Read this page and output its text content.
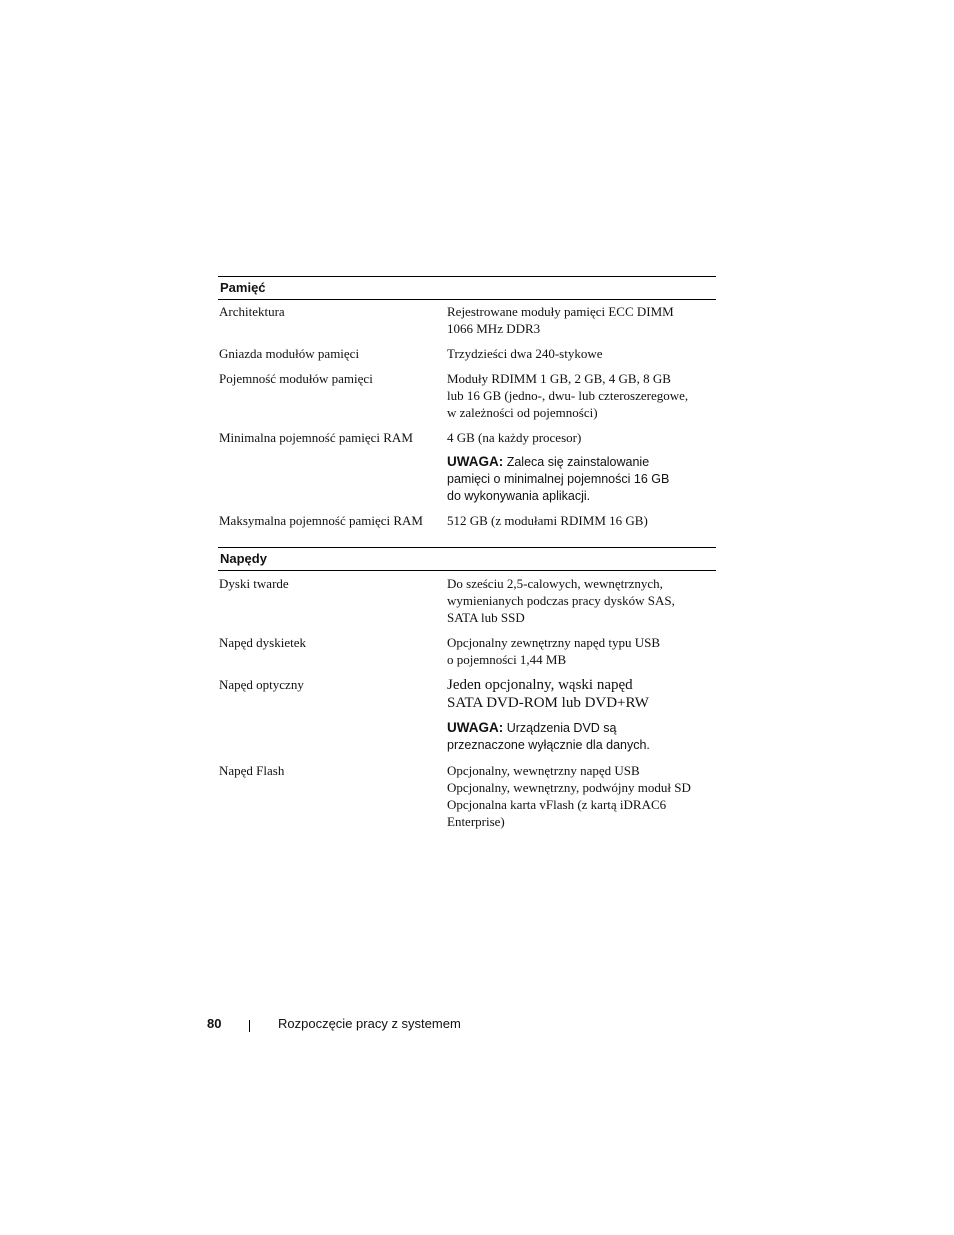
Pamięć
Architektura	Rejestrowane moduły pamięci ECC DIMM
1066 MHz DDR3
Gniazda modułów pamięci	Trzydzieści dwa 240-stykowe
Pojemność modułów pamięci	Moduły RDIMM 1 GB, 2 GB, 4 GB, 8 GB
lub 16 GB (jedno-, dwu- lub czteroszeregowe,
w zależności od pojemności)
Minimalna pojemność pamięci RAM	4 GB (na każdy procesor)
UWAGA: Zaleca się zainstalowanie
pamięci o minimalnej pojemności 16 GB
do wykonywania aplikacji.
Maksymalna pojemność pamięci RAM	512 GB (z modułami RDIMM 16 GB)
Napędy
Dyski twarde	Do sześciu 2,5-calowych, wewnętrznych,
wymienianych podczas pracy dysków SAS,
SATA lub SSD
Napęd dyskietek	Opcjonalny zewnętrzny napęd typu USB
o pojemności 1,44 MB
Napęd optyczny	Jeden opcjonalny, wąski napęd
SATA DVD-ROM lub DVD+RW
UWAGA: Urządzenia DVD są
przeznaczone wyłącznie dla danych.
Napęd Flash	Opcjonalny, wewnętrzny napęd USB
Opcjonalny, wewnętrzny, podwójny moduł SD
Opcjonalna karta vFlash (z kartą iDRAC6
Enterprise)
80	Rozpoczęcie pracy z systemem
